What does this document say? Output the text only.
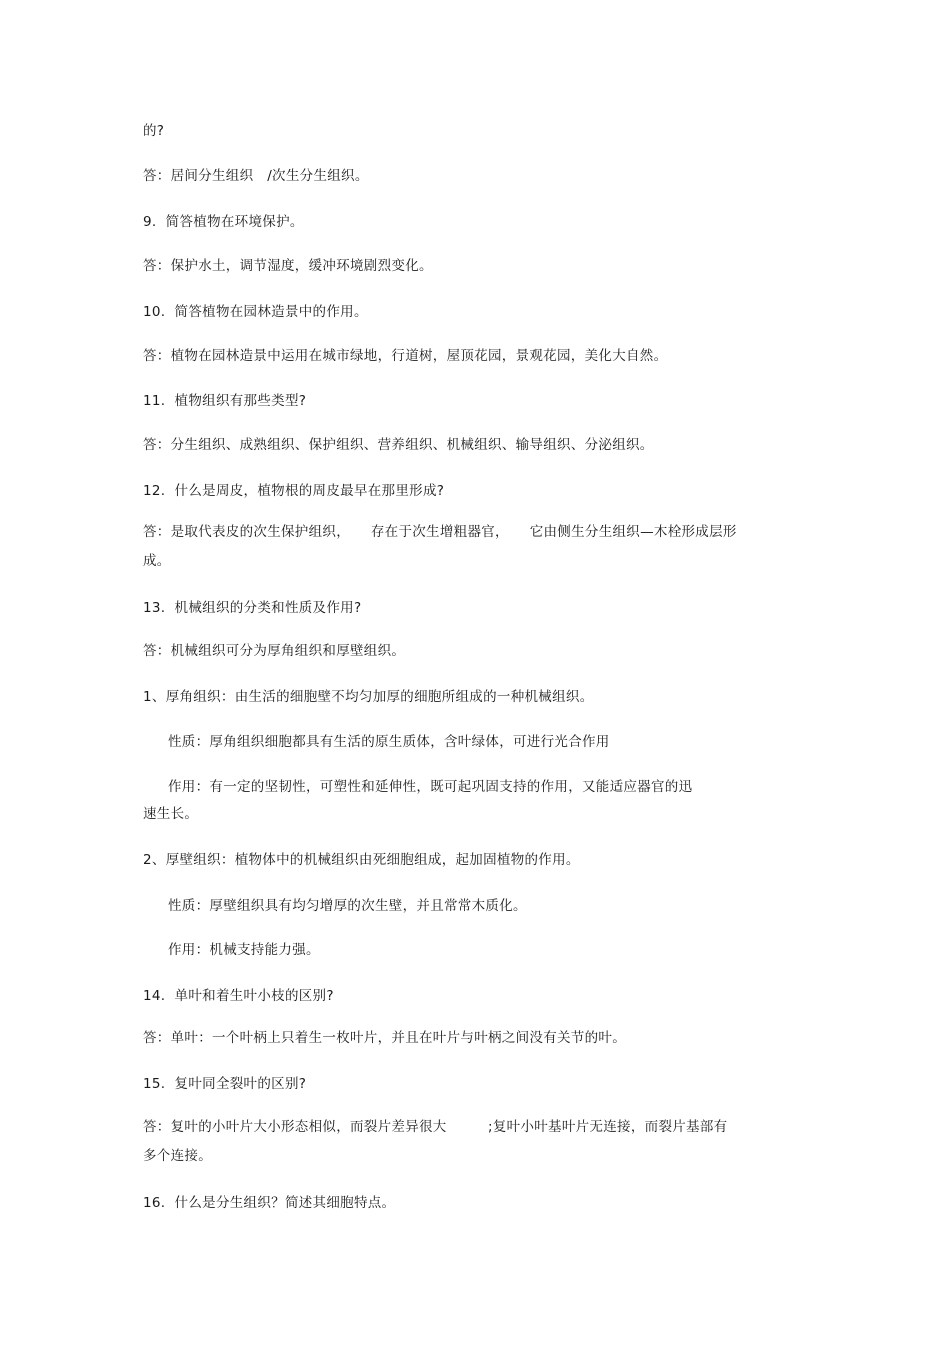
的?
答：居间分生组织　/次生分生组织。
9.  简答植物在环境保护。
答：保护水土，调节湿度，缓冲环境剧烈变化。
10.  简答植物在园林造景中的作用。
答：植物在园林造景中运用在城市绿地，行道树，屋顶花园，景观花园，美化大自然。
11.  植物组织有那些类型?
答：分生组织、成熟组织、保护组织、营养组织、机械组织、输导组织、分泌组织。
12.  什么是周皮，植物根的周皮最早在那里形成?
答：是取代表皮的次生保护组织，　　存在于次生增粗器官，　　它由侧生分生组织—木栓形成层形
成。
13.  机械组织的分类和性质及作用?
答：机械组织可分为厚角组织和厚壁组织。
1、厚角组织：由生活的细胞壁不均匀加厚的细胞所组成的一种机械组织。
性质：厚角组织细胞都具有生活的原生质体，含叶绿体，可进行光合作用
作用：有一定的坚韧性，可塑性和延伸性，既可起巩固支持的作用，又能适应器官的迅
速生长。
2、厚壁组织：植物体中的机械组织由死细胞组成，起加固植物的作用。
性质：厚壁组织具有均匀增厚的次生壁，并且常常木质化。
作用：机械支持能力强。
14.  单叶和着生叶小枝的区别?
答：单叶：一个叶柄上只着生一枚叶片，并且在叶片与叶柄之间没有关节的叶。
15.  复叶同全裂叶的区别?
答：复叶的小叶片大小形态相似，而裂片差异很大　　　;复叶小叶基叶片无连接，而裂片基部有
多个连接。
16.  什么是分生组织？简述其细胞特点。
